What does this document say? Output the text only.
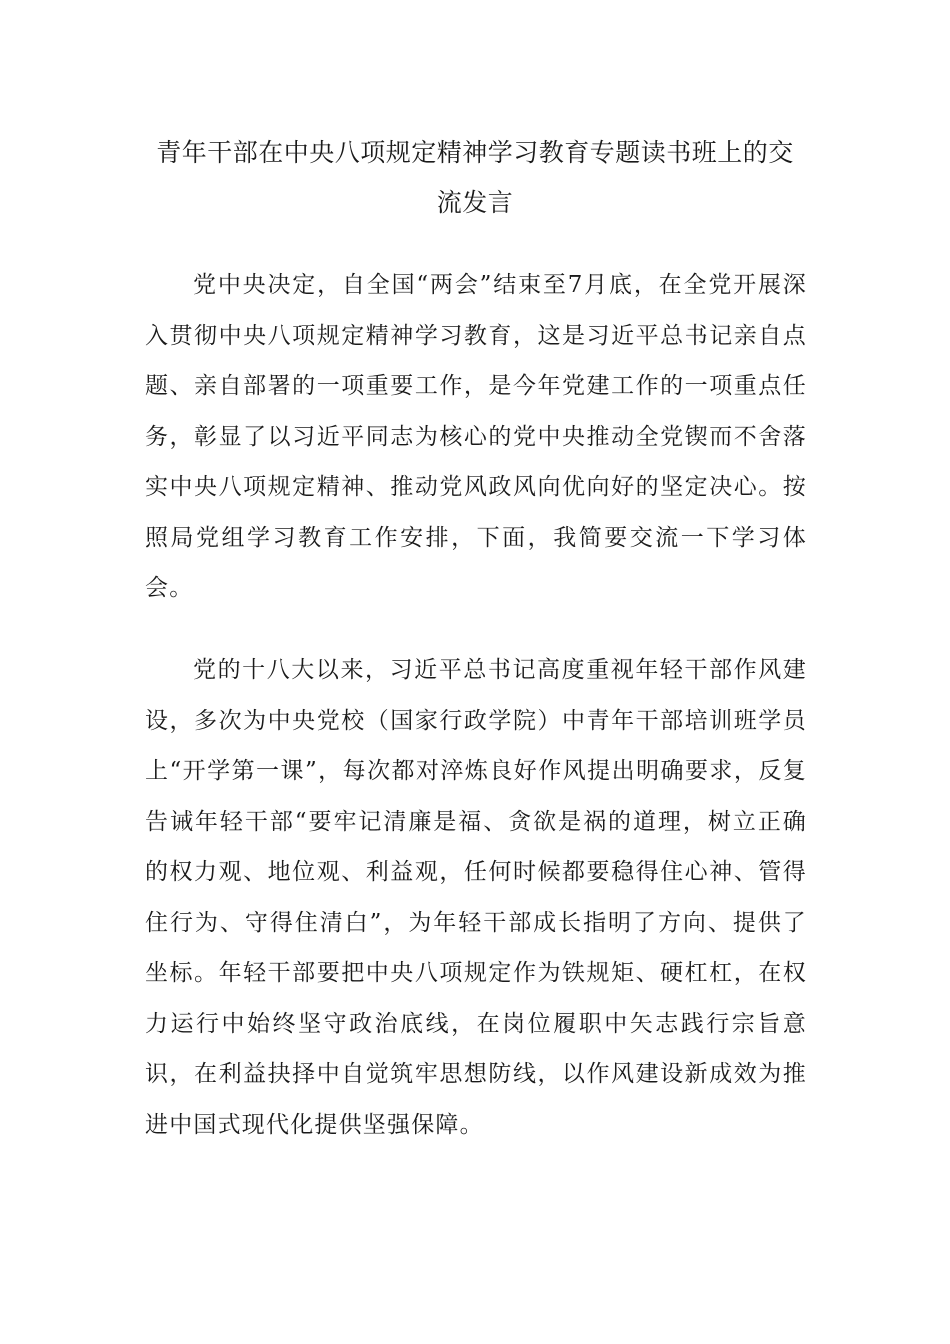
青年干部在中央八项规定精神学习教育专题读书班上的交流发言

党中央决定，自全国“两会”结束至7月底，在全党开展深入贯彻中央八项规定精神学习教育，这是习近平总书记亲自点题、亲自部署的一项重要工作，是今年党建工作的一项重点任务，彰显了以习近平同志为核心的党中央推动全党锲而不舍落实中央八项规定精神、推动党风政风向优向好的坚定决心。按照局党组学习教育工作安排，下面，我简要交流一下学习体会。

党的十八大以来，习近平总书记高度重视年轻干部作风建设，多次为中央党校（国家行政学院）中青年干部培训班学员上“开学第一课”，每次都对淬炼良好作风提出明确要求，反复告诫年轻干部“要牢记清廉是福、贪欲是祸的道理，树立正确的权力观、地位观、利益观，任何时候都要稳得住心神、管得住行为、守得住清白”，为年轻干部成长指明了方向、提供了坐标。年轻干部要把中央八项规定作为铁规矩、硬杠杠，在权力运行中始终坚守政治底线，在岗位履职中矢志践行宗旨意识，在利益抉择中自觉筑牢思想防线，以作风建设新成效为推进中国式现代化提供坚强保障。
